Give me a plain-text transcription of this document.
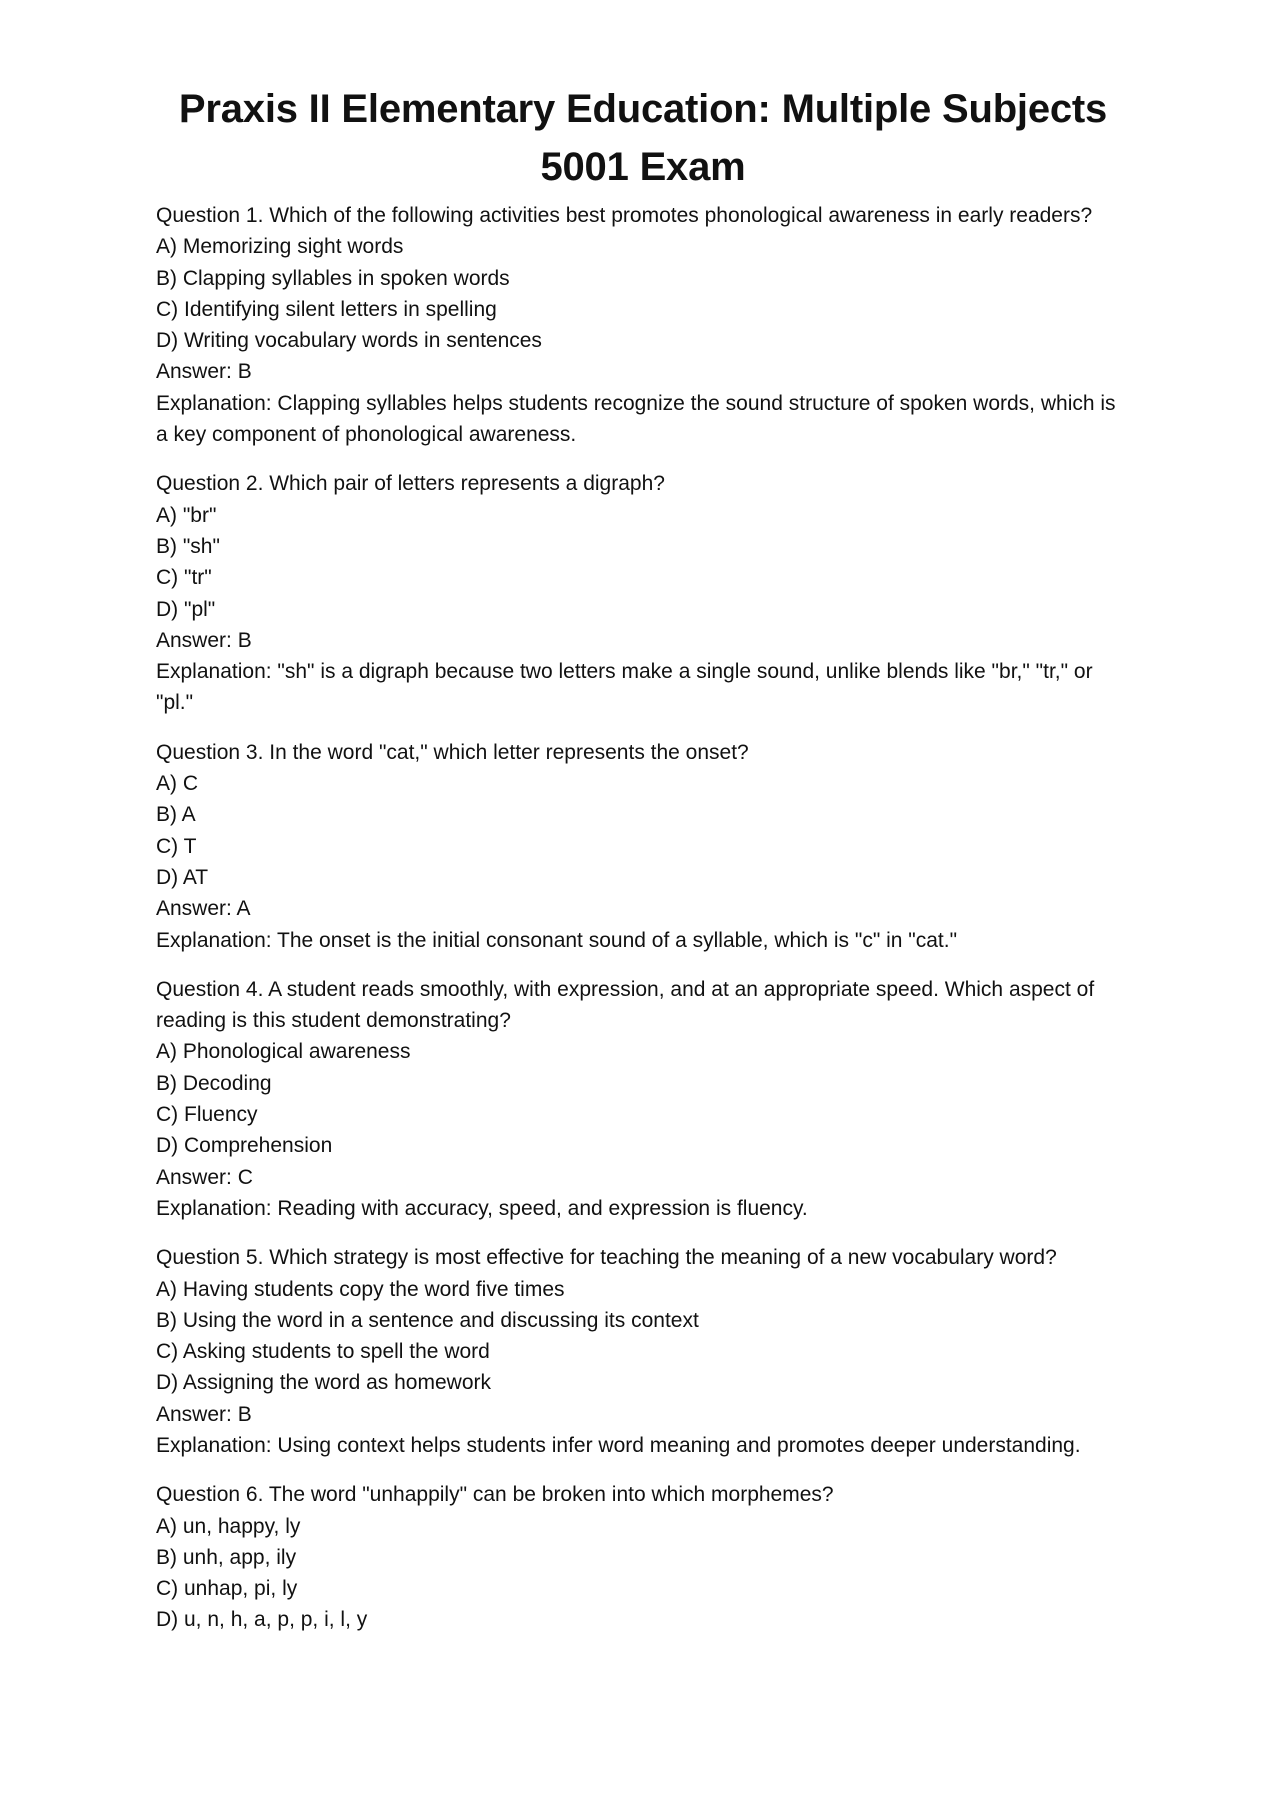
Praxis II Elementary Education: Multiple Subjects
5001 Exam

Question 1. Which of the following activities best promotes phonological awareness in early readers?

A) Memorizing sight words

B) Clapping syllables in spoken words

C) Identifying silent letters in spelling

D) Writing vocabulary words in sentences

Answer: B

Explanation: Clapping syllables helps students recognize the sound structure of spoken words, which is a key component of phonological awareness.

Question 2. Which pair of letters represents a digraph?

A) "br"

B) "sh"

C) "tr"

D) "pl"

Answer: B

Explanation: "sh" is a digraph because two letters make a single sound, unlike blends like "br," "tr," or "pl."

Question 3. In the word "cat," which letter represents the onset?

A) C

B) A

C) T

D) AT

Answer: A

Explanation: The onset is the initial consonant sound of a syllable, which is "c" in "cat."

Question 4. A student reads smoothly, with expression, and at an appropriate speed. Which aspect of reading is this student demonstrating?

A) Phonological awareness

B) Decoding

C) Fluency

D) Comprehension

Answer: C

Explanation: Reading with accuracy, speed, and expression is fluency.

Question 5. Which strategy is most effective for teaching the meaning of a new vocabulary word?

A) Having students copy the word five times

B) Using the word in a sentence and discussing its context

C) Asking students to spell the word

D) Assigning the word as homework

Answer: B

Explanation: Using context helps students infer word meaning and promotes deeper understanding.

Question 6. The word "unhappily" can be broken into which morphemes?

A) un, happy, ly

B) unh, app, ily

C) unhap, pi, ly

D) u, n, h, a, p, p, i, l, y
